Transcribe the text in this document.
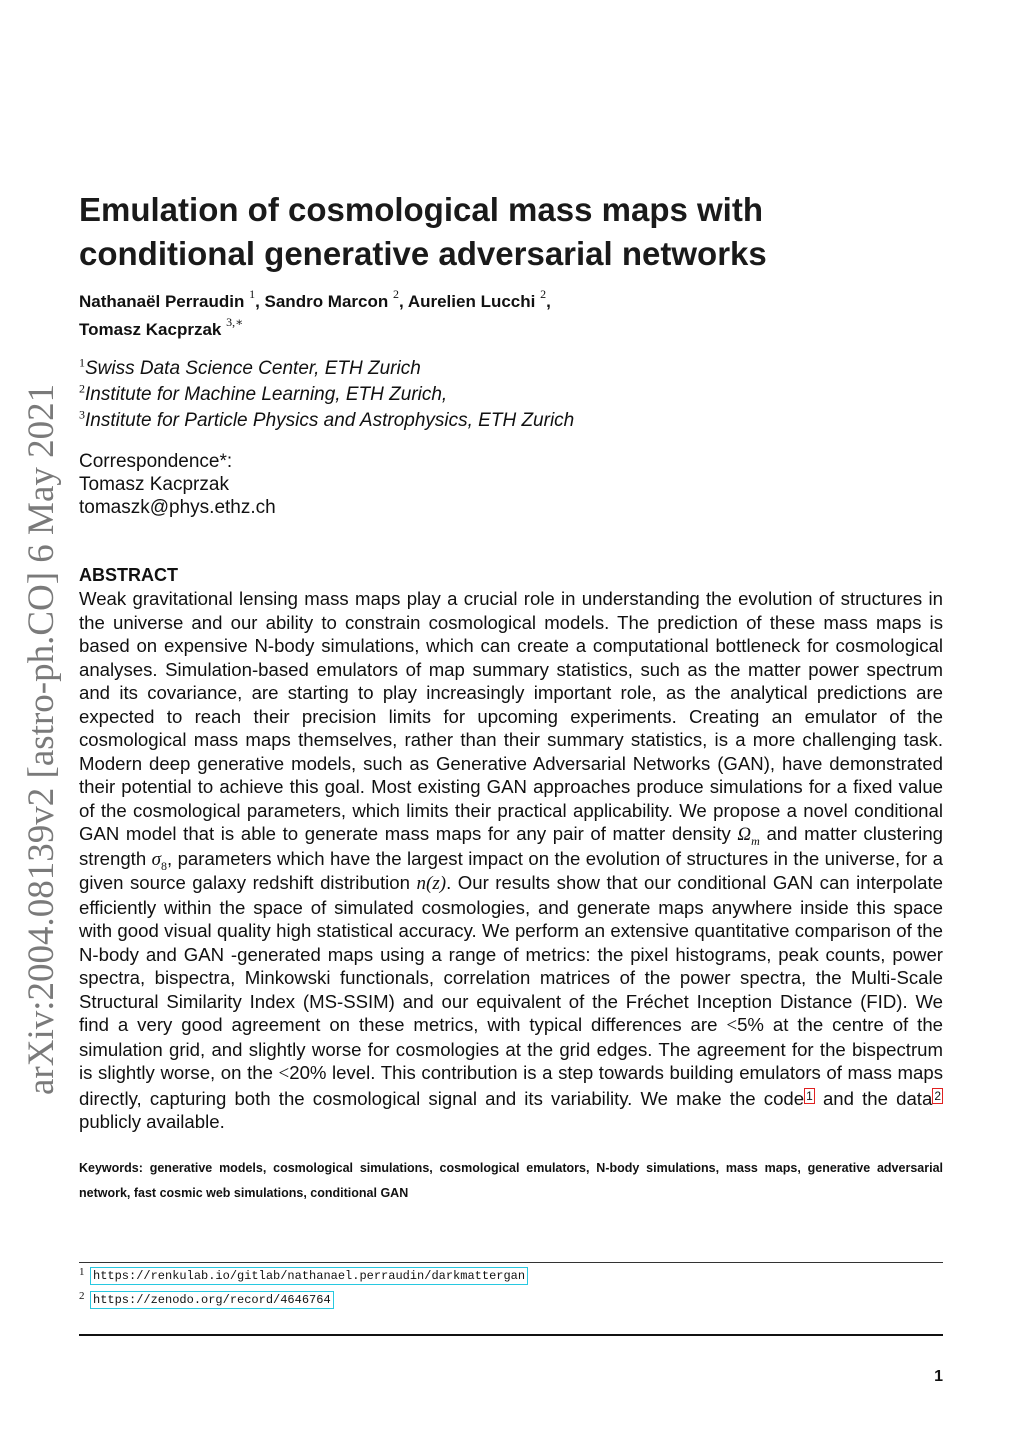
arXiv:2004.08139v2 [astro-ph.CO] 6 May 2021
Emulation of cosmological mass maps with
conditional generative adversarial networks
Nathanaël Perraudin $^1$, Sandro Marcon $^2$, Aurelien Lucchi $^2$,
Tomasz Kacprzak $^{3,∗}$
$^1$Swiss Data Science Center, ETH Zurich
$^2$Institute for Machine Learning, ETH Zurich,
$^3$Institute for Particle Physics and Astrophysics, ETH Zurich
Correspondence*:
Tomasz Kacprzak
tomaszk@phys.ethz.ch
ABSTRACT
Weak gravitational lensing mass maps play a crucial role in understanding the evolution of structures in the universe and our ability to constrain cosmological models. The prediction of these mass maps is based on expensive N-body simulations, which can create a computational bottleneck for cosmological analyses. Simulation-based emulators of map summary statistics, such as the matter power spectrum and its covariance, are starting to play increasingly important role, as the analytical predictions are expected to reach their precision limits for upcoming experiments. Creating an emulator of the cosmological mass maps themselves, rather than their summary statistics, is a more challenging task. Modern deep generative models, such as Generative Adversarial Networks (GAN), have demonstrated their potential to achieve this goal. Most existing GAN approaches produce simulations for a fixed value of the cosmological parameters, which limits their practical applicability. We propose a novel conditional GAN model that is able to generate mass maps for any pair of matter density $\Omega_m$ and matter clustering strength $\sigma_8$, parameters which have the largest impact on the evolution of structures in the universe, for a given source galaxy redshift distribution n(z). Our results show that our conditional GAN can interpolate efficiently within the space of simulated cosmologies, and generate maps anywhere inside this space with good visual quality high statistical accuracy. We perform an extensive quantitative comparison of the N-body and GAN -generated maps using a range of metrics: the pixel histograms, peak counts, power spectra, bispectra, Minkowski functionals, correlation matrices of the power spectra, the Multi-Scale Structural Similarity Index (MS-SSIM) and our equivalent of the Fréchet Inception Distance (FID). We find a very good agreement on these metrics, with typical differences are <5% at the centre of the simulation grid, and slightly worse for cosmologies at the grid edges. The agreement for the bispectrum is slightly worse, on the <20% level. This contribution is a step towards building emulators of mass maps directly, capturing both the cosmological signal and its variability. We make the code 1 and the data 2 publicly available.
Keywords: generative models, cosmological simulations, cosmological emulators, N-body simulations, mass maps, generative adversarial network, fast cosmic web simulations, conditional GAN
1 https://renkulab.io/gitlab/nathanael.perraudin/darkmattergan
2 https://zenodo.org/record/4646764
1
